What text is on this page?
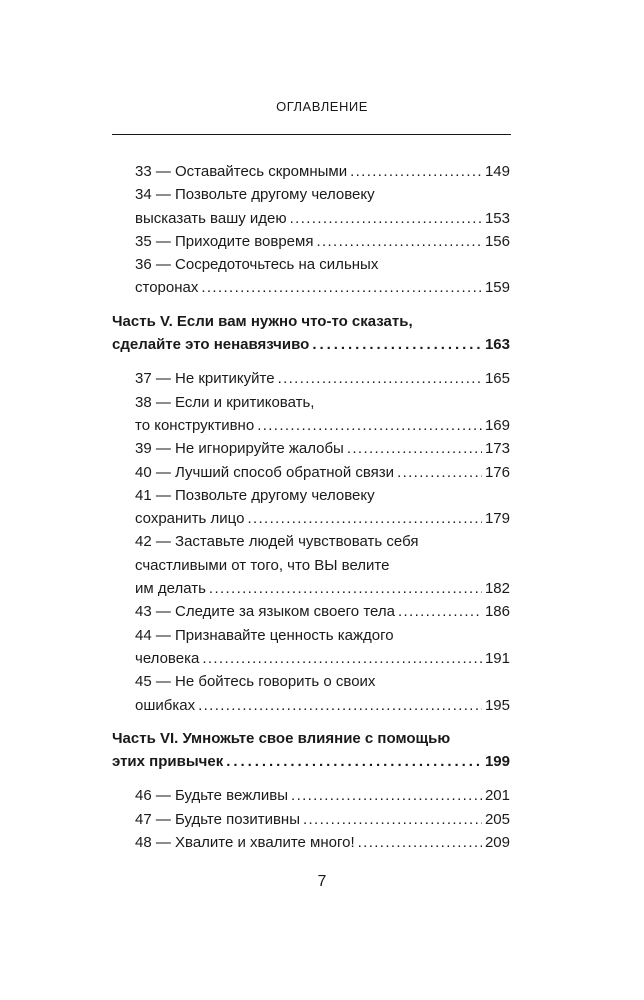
ОГЛАВЛЕНИЕ
33 — Оставайтесь скромными . . .	149
34 — Позвольте другому человеку
высказать вашу идею . . .	153
35 — Приходите вовремя . . .	156
36 — Сосредоточьтесь на сильных
сторонах . . .	159
Часть V. Если вам нужно что-то сказать,
сделайте это ненавязчиво . . .	163
37 — Не критикуйте . . .	165
38 — Если и критиковать,
то конструктивно . . .	169
39 — Не игнорируйте жалобы . . .	173
40 — Лучший способ обратной связи . . .	176
41 — Позвольте другому человеку
сохранить лицо . . .	179
42 — Заставьте людей чувствовать себя
счастливыми от того, что ВЫ велите
им делать . . .	182
43 — Следите за языком своего тела . . .	186
44 — Признавайте ценность каждого
человека . . .	191
45 — Не бойтесь говорить о своих
ошибках . . .	195
Часть VI. Умножьте свое влияние с помощью
этих привычек . . .	199
46 — Будьте вежливы . . .	201
47 — Будьте позитивны . . .	205
48 — Хвалите и хвалите много! . . .	209
7
